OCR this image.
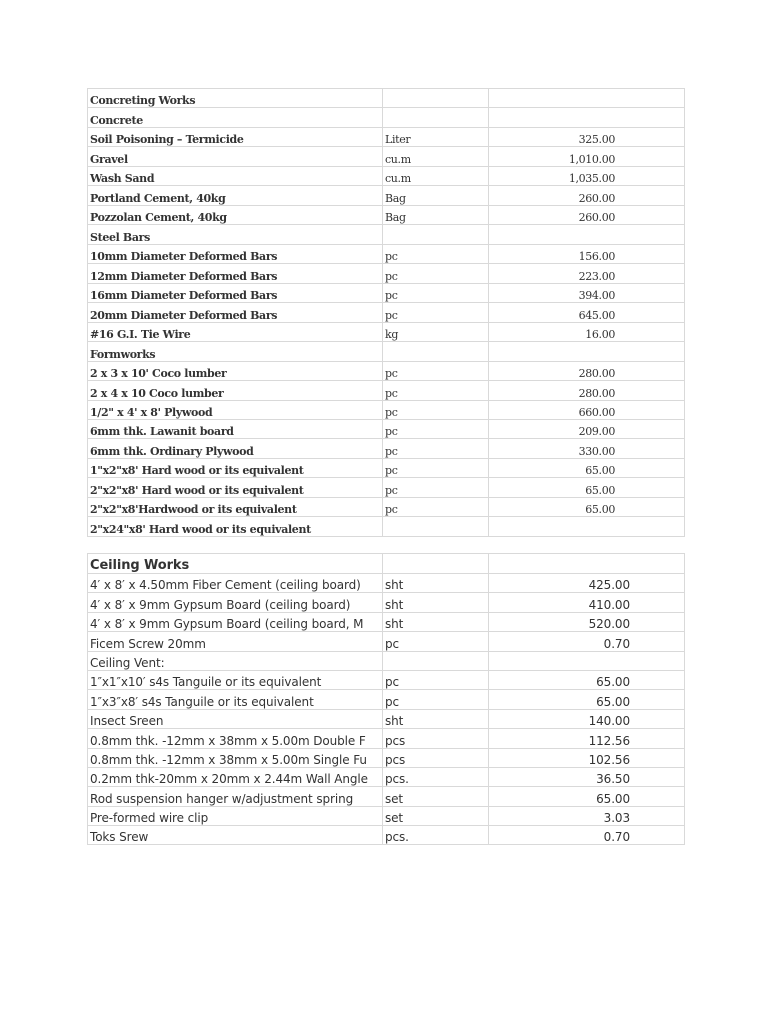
Concreting Works		
Concrete		
Soil Poisoning – Termicide	Liter	325.00
Gravel	cu.m	1,010.00
Wash Sand	cu.m	1,035.00
Portland Cement, 40kg	Bag	260.00
Pozzolan Cement, 40kg	Bag	260.00
Steel Bars		
10mm Diameter Deformed Bars	pc	156.00
12mm Diameter Deformed Bars	pc	223.00
16mm Diameter Deformed Bars	pc	394.00
20mm Diameter Deformed Bars	pc	645.00
#16 G.I. Tie Wire	kg	16.00
Formworks		
2 x 3 x 10' Coco lumber	pc	280.00
2 x 4 x 10 Coco lumber	pc	280.00
1/2" x 4' x 8' Plywood	pc	660.00
6mm thk. Lawanit board	pc	209.00
6mm thk. Ordinary Plywood	pc	330.00
1"x2"x8' Hard wood or its equivalent	pc	65.00
2"x2"x8' Hard wood or its equivalent	pc	65.00
2"x2"x8'Hardwood or its equivalent	pc	65.00
2"x24"x8' Hard wood or its equivalent		
Ceiling Works		
4′ x 8′ x 4.50mm Fiber Cement (ceiling board)	sht	425.00
4′ x 8′ x 9mm Gypsum Board (ceiling board)	sht	410.00
4′ x 8′ x 9mm Gypsum Board (ceiling board, M	sht	520.00
Ficem Screw 20mm	pc	0.70
Ceiling Vent:		
1″x1″x10′ s4s Tanguile or its equivalent	pc	65.00
1″x3″x8′ s4s Tanguile or its equivalent	pc	65.00
Insect Sreen	sht	140.00
0.8mm thk. -12mm x 38mm x 5.00m Double F	pcs	112.56
0.8mm thk. -12mm x 38mm x 5.00m Single Fu	pcs	102.56
0.2mm thk-20mm x 20mm x 2.44m Wall Angle	pcs.	36.50
Rod suspension hanger w/adjustment spring	set	65.00
Pre-formed wire clip	set	3.03
Toks Srew	pcs.	0.70
